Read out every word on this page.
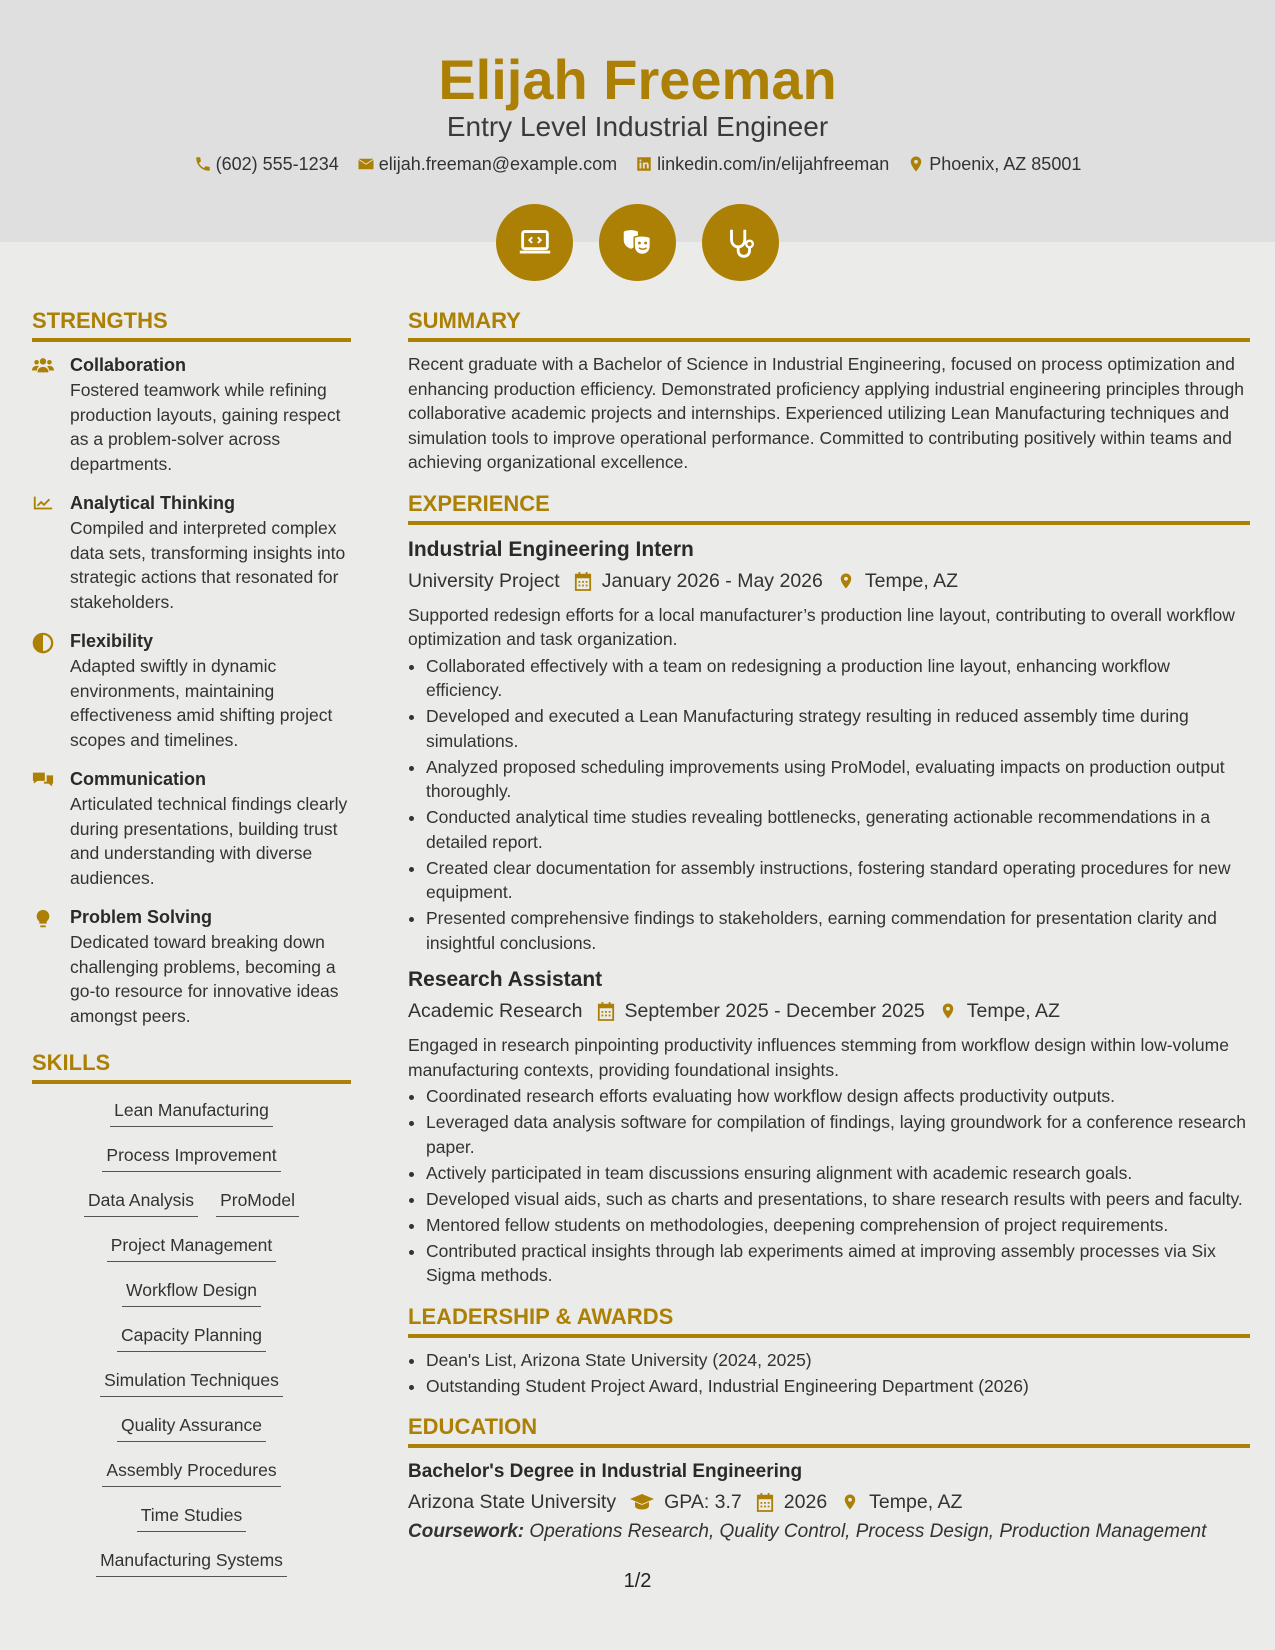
Elijah Freeman
Entry Level Industrial Engineer
(602) 555-1234 elijah.freeman@example.com linkedin.com/in/elijahfreeman Phoenix, AZ 85001
STRENGTHS
Collaboration
Fostered teamwork while refining production layouts, gaining respect as a problem-solver across departments.
Analytical Thinking
Compiled and interpreted complex data sets, transforming insights into strategic actions that resonated for stakeholders.
Flexibility
Adapted swiftly in dynamic environments, maintaining effectiveness amid shifting project scopes and timelines.
Communication
Articulated technical findings clearly during presentations, building trust and understanding with diverse audiences.
Problem Solving
Dedicated toward breaking down challenging problems, becoming a go-to resource for innovative ideas amongst peers.
SKILLS
Lean Manufacturing
Process Improvement
Data Analysis ProModel
Project Management
Workflow Design
Capacity Planning
Simulation Techniques
Quality Assurance
Assembly Procedures
Time Studies
Manufacturing Systems
SUMMARY
Recent graduate with a Bachelor of Science in Industrial Engineering, focused on process optimization and enhancing production efficiency. Demonstrated proficiency applying industrial engineering principles through collaborative academic projects and internships. Experienced utilizing Lean Manufacturing techniques and simulation tools to improve operational performance. Committed to contributing positively within teams and achieving organizational excellence.
EXPERIENCE
Industrial Engineering Intern
University Project January 2026 - May 2026 Tempe, AZ
Supported redesign efforts for a local manufacturer’s production line layout, contributing to overall workflow optimization and task organization.
• Collaborated effectively with a team on redesigning a production line layout, enhancing workflow efficiency.
• Developed and executed a Lean Manufacturing strategy resulting in reduced assembly time during simulations.
• Analyzed proposed scheduling improvements using ProModel, evaluating impacts on production output thoroughly.
• Conducted analytical time studies revealing bottlenecks, generating actionable recommendations in a detailed report.
• Created clear documentation for assembly instructions, fostering standard operating procedures for new equipment.
• Presented comprehensive findings to stakeholders, earning commendation for presentation clarity and insightful conclusions.
Research Assistant
Academic Research September 2025 - December 2025 Tempe, AZ
Engaged in research pinpointing productivity influences stemming from workflow design within low-volume manufacturing contexts, providing foundational insights.
• Coordinated research efforts evaluating how workflow design affects productivity outputs.
• Leveraged data analysis software for compilation of findings, laying groundwork for a conference research paper.
• Actively participated in team discussions ensuring alignment with academic research goals.
• Developed visual aids, such as charts and presentations, to share research results with peers and faculty.
• Mentored fellow students on methodologies, deepening comprehension of project requirements.
• Contributed practical insights through lab experiments aimed at improving assembly processes via Six Sigma methods.
LEADERSHIP & AWARDS
• Dean's List, Arizona State University (2024, 2025)
• Outstanding Student Project Award, Industrial Engineering Department (2026)
EDUCATION
Bachelor's Degree in Industrial Engineering
Arizona State University GPA: 3.7 2026 Tempe, AZ
Coursework: Operations Research, Quality Control, Process Design, Production Management
1/2
